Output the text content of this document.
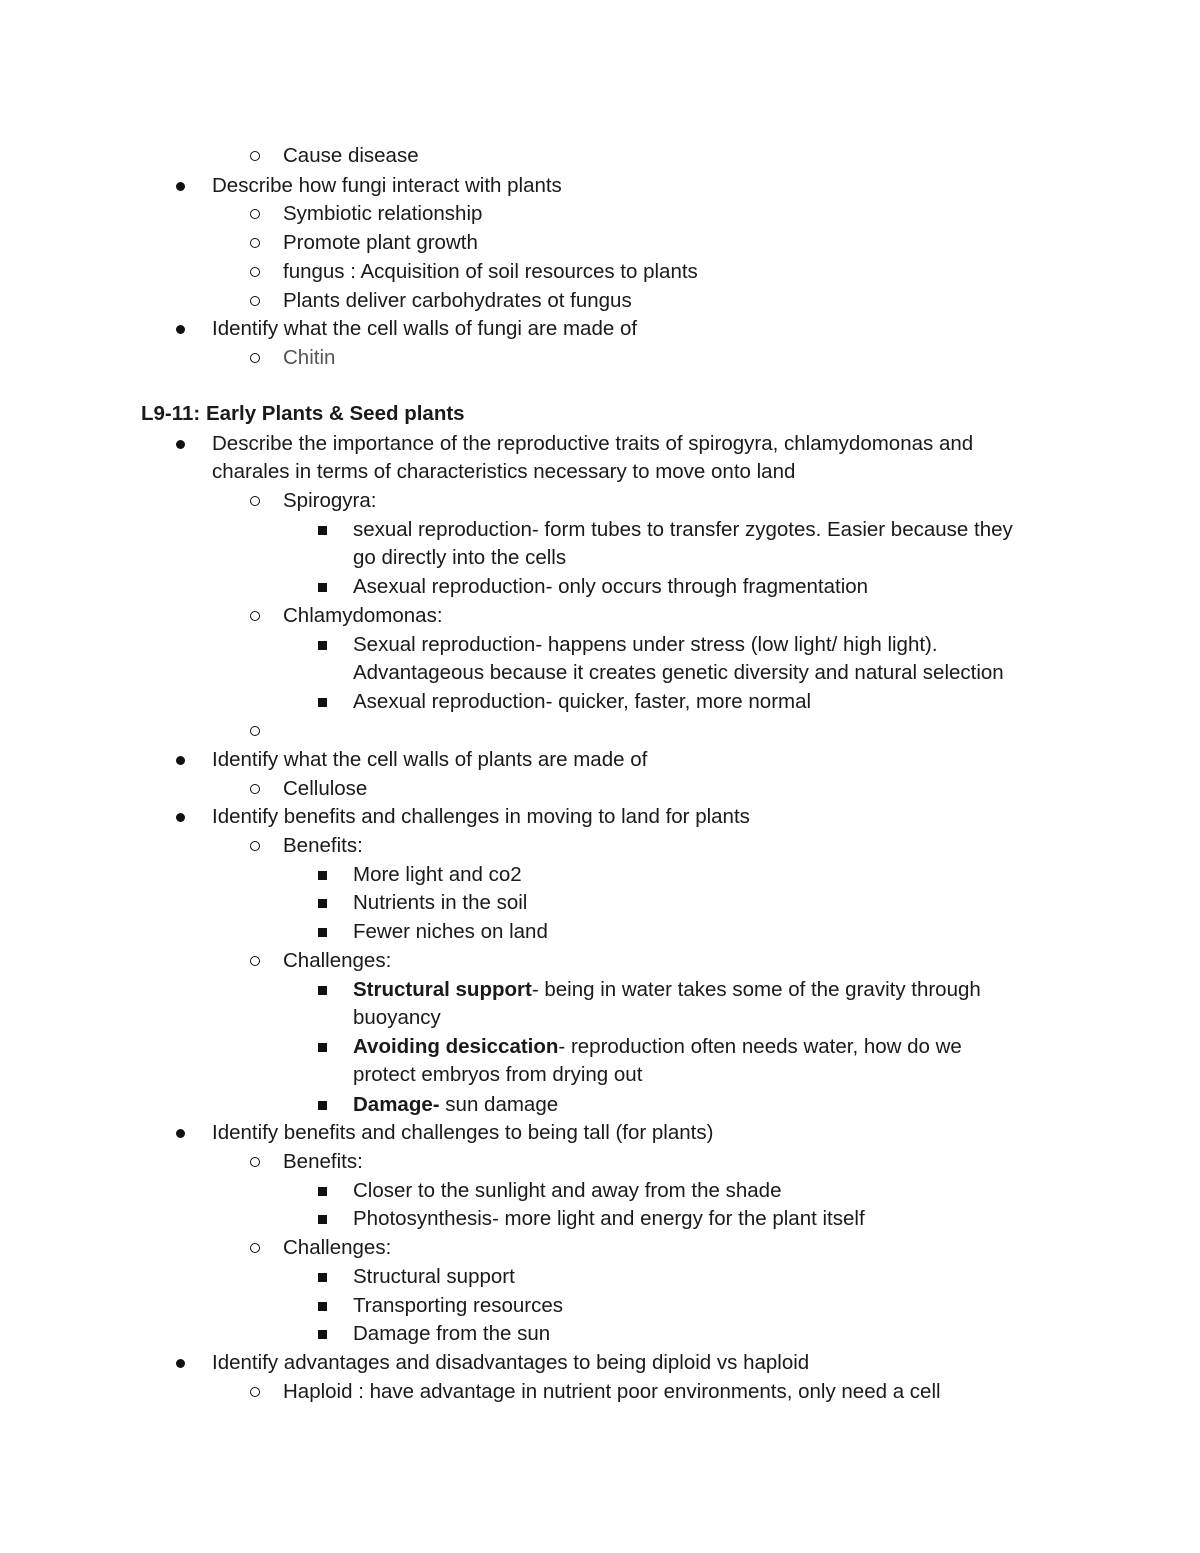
Cause disease
Describe how fungi interact with plants
Symbiotic relationship
Promote plant growth
fungus : Acquisition of soil resources to plants
Plants deliver carbohydrates ot fungus
Identify what the cell walls of fungi are made of
Chitin
L9-11: Early Plants & Seed plants
Describe the importance of the reproductive traits of spirogyra, chlamydomonas and
charales in terms of characteristics necessary to move onto land
Spirogyra:
sexual reproduction- form tubes to transfer zygotes. Easier because they
go directly into the cells
Asexual reproduction- only occurs through fragmentation
Chlamydomonas:
Sexual reproduction- happens under stress (low light/ high light).
Advantageous because it creates genetic diversity and natural selection
Asexual reproduction- quicker, faster, more normal
Identify what the cell walls of plants are made of
Cellulose
Identify benefits and challenges in moving to land for plants
Benefits:
More light and co2
Nutrients in the soil
Fewer niches on land
Challenges:
Structural support- being in water takes some of the gravity through
buoyancy
Avoiding desiccation- reproduction often needs water, how do we
protect embryos from drying out
Damage- sun damage
Identify benefits and challenges to being tall (for plants)
Benefits:
Closer to the sunlight and away from the shade
Photosynthesis- more light and energy for the plant itself
Challenges:
Structural support
Transporting resources
Damage from the sun
Identify advantages and disadvantages to being diploid vs haploid
Haploid : have advantage in nutrient poor environments, only need a cell
